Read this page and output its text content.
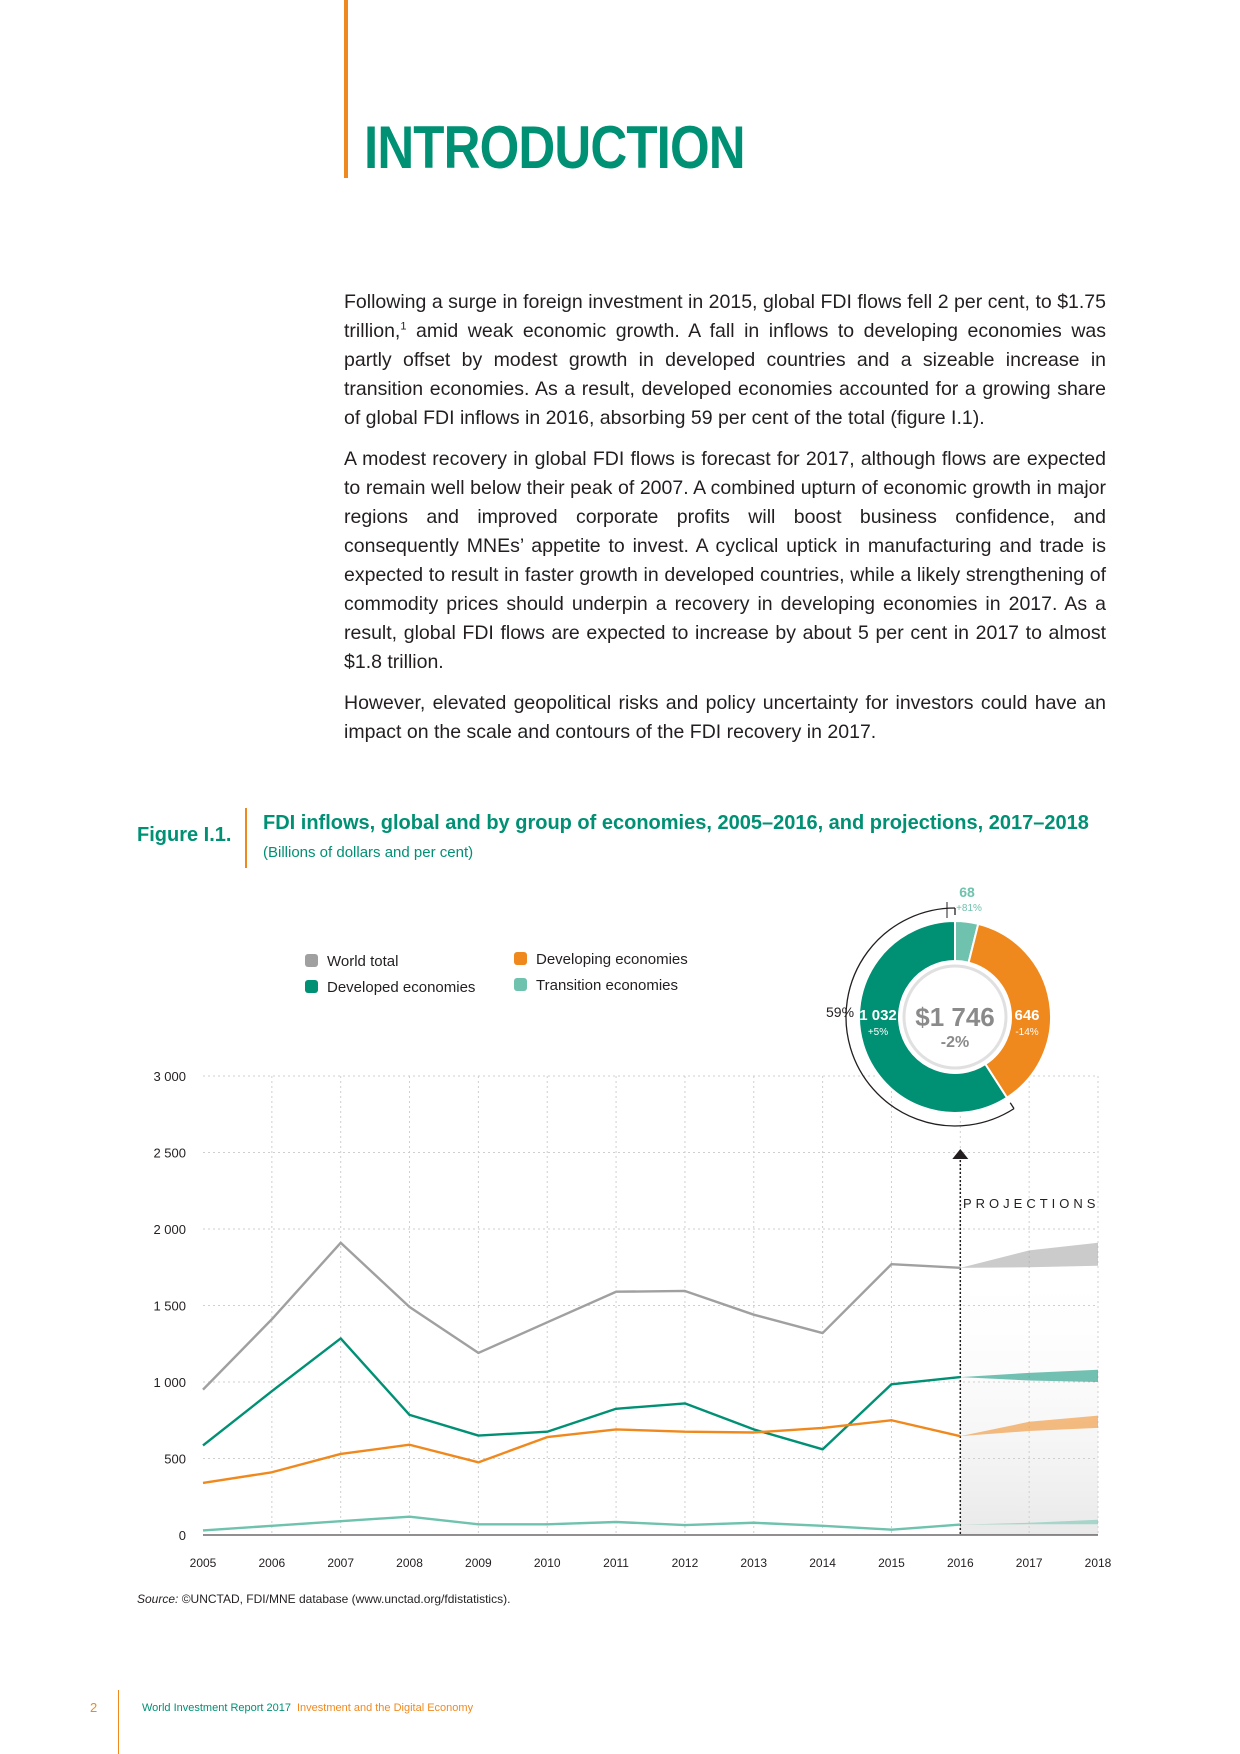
INTRODUCTION

Following a surge in foreign investment in 2015, global FDI flows fell 2 per cent, to $1.75 trillion,$^1$ amid weak economic growth. A fall in inflows to developing economies was partly offset by modest growth in developed countries and a sizeable increase in transition economies. As a result, developed economies accounted for a growing share of global FDI inflows in 2016, absorbing 59 per cent of the total (figure I.1).

A modest recovery in global FDI flows is forecast for 2017, although flows are expected to remain well below their peak of 2007. A combined upturn of economic growth in major regions and improved corporate profits will boost business confidence, and consequently MNEs’ appetite to invest. A cyclical uptick in manufacturing and trade is expected to result in faster growth in developed countries, while a likely strengthening of commodity prices should underpin a recovery in developing economies in 2017. As a result, global FDI flows are expected to increase by about 5 per cent in 2017 to almost $1.8 trillion.

However, elevated geopolitical risks and policy uncertainty for investors could have an impact on the scale and contours of the FDI recovery in 2017.

Figure I.1.
FDI inflows, global and by group of economies, 2005–2016, and projections, 2017–2018
(Billions of dollars and per cent)
0
500
1 000
1 500
2 000
2 500
3 000
2005	2006	2007	2008	2009	2010	2011	2012	2013	2014	2015	2016	2017	2018
PROJECTIONS
World total
Developed economies
Developing economies
Transition economies
59% $1 746
-2%
1 032
+5%
646
-14%
68
+81%
Source: ©UNCTAD, FDI/MNE database (www.unctad.org/fdistatistics).
2	World Investment Report 2017 Investment and the Digital Economy
